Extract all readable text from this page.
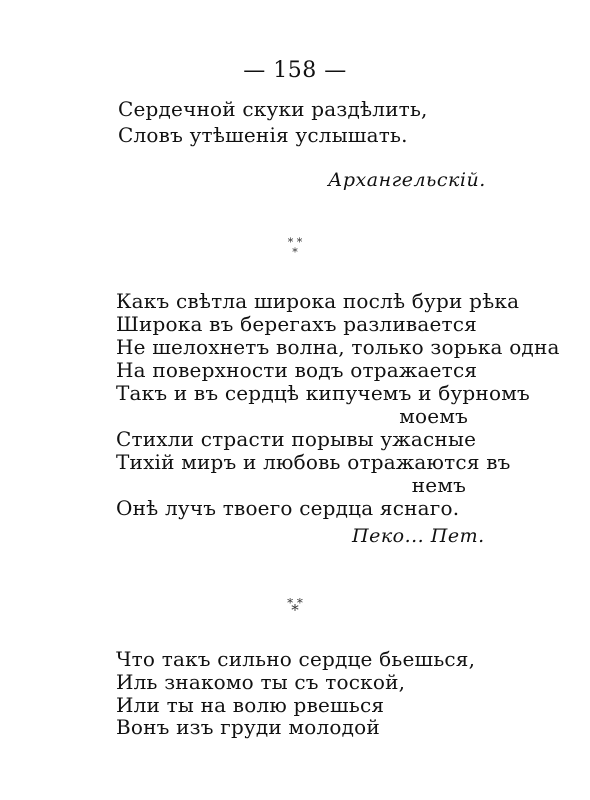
— 158 —
Сердечной скуки раздѣлить,
Словъ утѣшенія услышать.
Архангельскій.
⁎ ⁎
⁎
Какъ свѣтла широка послѣ бури рѣка
Широка въ берегахъ разливается
Не шелохнетъ волна, только зорька одна
На поверхности водъ отражается
Такъ и въ сердцѣ кипучемъ и бурномъ
моемъ
Стихли страсти порывы ужасные
Тихій миръ и любовь отражаются въ
немъ
Онѣ лучъ твоего сердца яснаго.
Пеко... Пет.
⁎ ⁎
*
Что такъ сильно сердце бьешься,
Иль знакомо ты съ тоской,
Или ты на волю рвешься
Вонъ изъ груди молодой
